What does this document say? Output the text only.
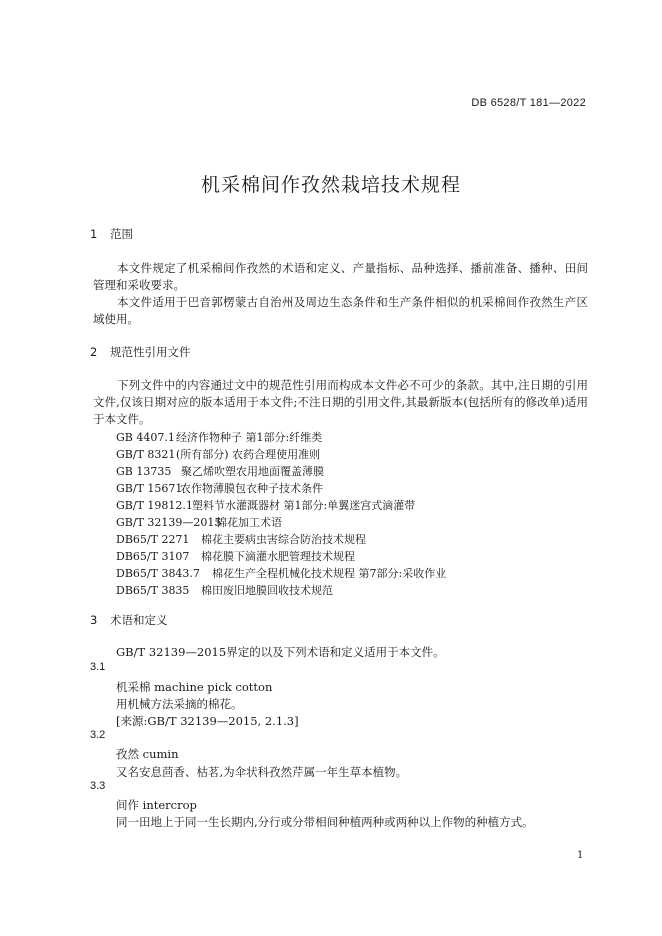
DB 6528/T 181—2022
机采棉间作孜然栽培技术规程
1 范围
本文件规定了机采棉间作孜然的术语和定义、产量指标、品种选择、播前准备、播种、田间管理和采收要求。
本文件适用于巴音郭楞蒙古自治州及周边生态条件和生产条件相似的机采棉间作孜然生产区域使用。
2 规范性引用文件
下列文件中的内容通过文中的规范性引用而构成本文件必不可少的条款。其中,注日期的引用文件,仅该日期对应的版本适用于本文件;不注日期的引用文件,其最新版本(包括所有的修改单)适用于本文件。
GB 4407.1经济作物种子 第1部分:纤维类
GB/T 8321(所有部分) 农药合理使用准则
GB 13735 聚乙烯吹塑农用地面覆盖薄膜
GB/T 15671农作物薄膜包衣种子技术条件
GB/T 19812.1塑料节水灌溉器材 第1部分:单翼迷宫式滴灌带
GB/T 32139—2015棉花加工术语
DB65/T 2271 棉花主要病虫害综合防治技术规程
DB65/T 3107 棉花膜下滴灌水肥管理技术规程
DB65/T 3843.7 棉花生产全程机械化技术规程 第7部分:采收作业
DB65/T 3835 棉田废旧地膜回收技术规范
3 术语和定义
GB/T 32139—2015界定的以及下列术语和定义适用于本文件。
3.1
机采棉 machine pick cotton
用机械方法采摘的棉花。
[来源:GB/T 32139—2015, 2.1.3]
3.2
孜然 cumin
又名安息茴香、枯茗,为伞状科孜然芹属一年生草本植物。
3.3
间作 intercrop
同一田地上于同一生长期内,分行或分带相间种植两种或两种以上作物的种植方式。
1
